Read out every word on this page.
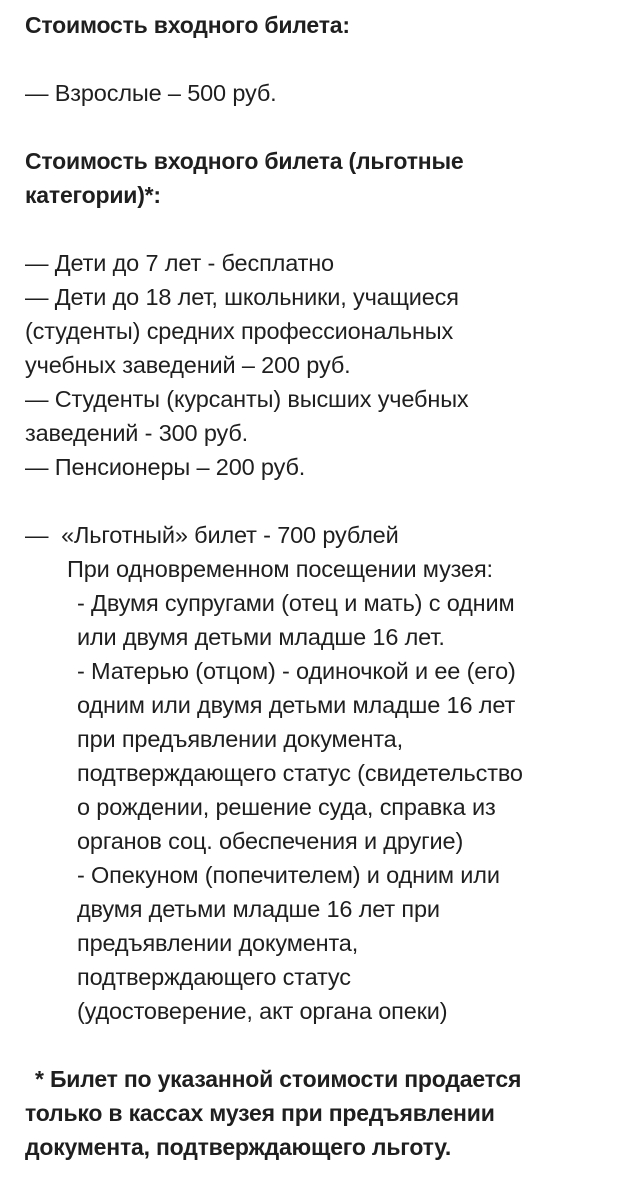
Стоимость входного билета:

— Взрослые – 500 руб.

Стоимость входного билета (льготные

категории)*:

— Дети до 7 лет - бесплатно

— Дети до 18 лет, школьники, учащиеся

(студенты) средних профессиональных

учебных заведений – 200 руб.

— Студенты (курсанты) высших учебных

заведений - 300 руб.

— Пенсионеры – 200 руб.

—  «Льготный» билет - 700 рублей

При одновременном посещении музея:

- Двумя супругами (отец и мать) с одним

или двумя детьми младше 16 лет.

- Матерью (отцом) - одиночкой и ее (его)

одним или двумя детьми младше 16 лет

при предъявлении документа,

подтверждающего статус (свидетельство

о рождении, решение суда, справка из

органов соц. обеспечения и другие)

- Опекуном (попечителем) и одним или

двумя детьми младше 16 лет при

предъявлении документа,

подтверждающего статус

(удостоверение, акт органа опеки)

* Билет по указанной стоимости продается

только в кассах музея при предъявлении

документа, подтверждающего льготу.
